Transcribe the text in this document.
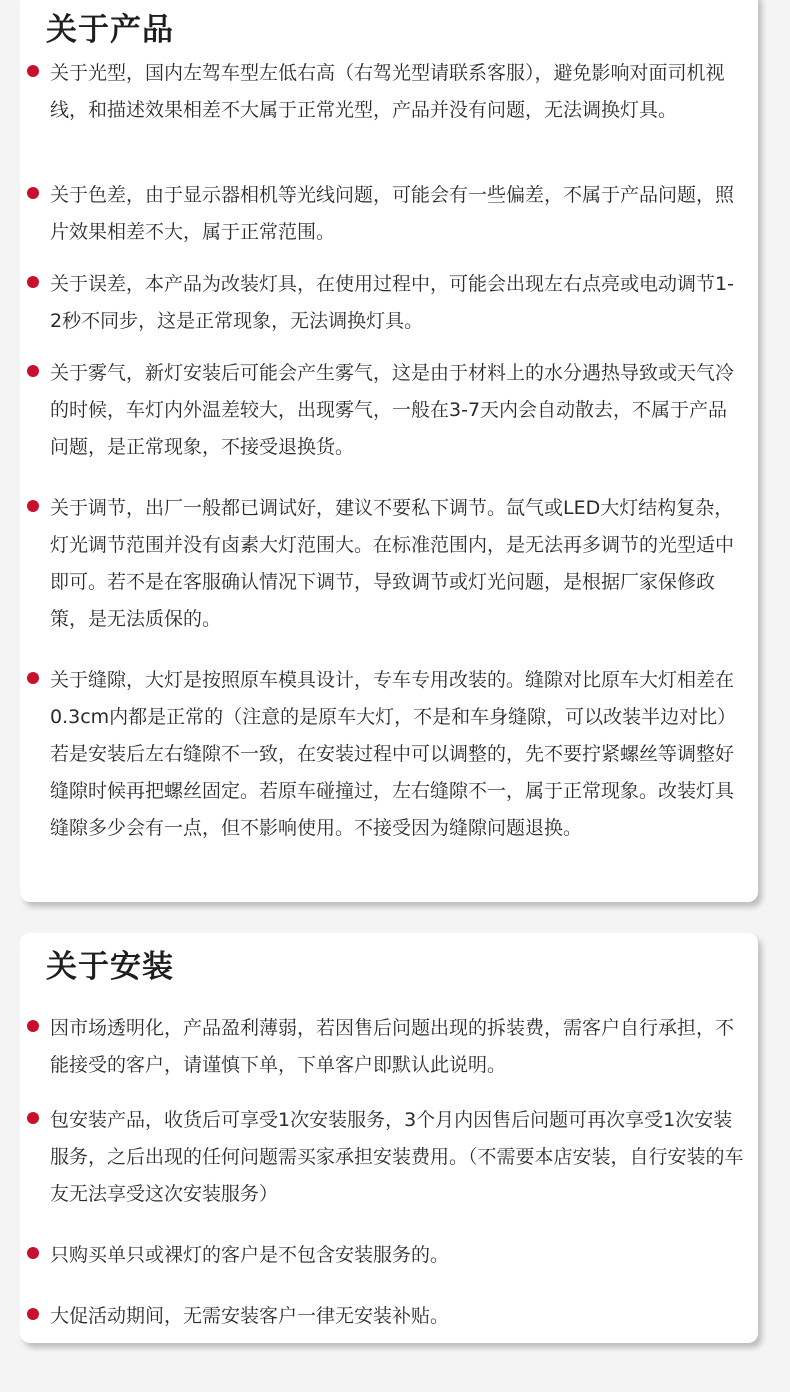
关于产品

关于光型，国内左驾车型左低右高（右驾光型请联系客服），避免影响对面司机视线，和描述效果相差不大属于正常光型，产品并没有问题，无法调换灯具。

关于色差，由于显示器相机等光线问题，可能会有一些偏差，不属于产品问题，照片效果相差不大，属于正常范围。

关于误差，本产品为改装灯具，在使用过程中，可能会出现左右点亮或电动调节1-2秒不同步，这是正常现象，无法调换灯具。

关于雾气，新灯安装后可能会产生雾气，这是由于材料上的水分遇热导致或天气冷的时候，车灯内外温差较大，出现雾气，一般在3-7天内会自动散去，不属于产品问题，是正常现象，不接受退换货。

关于调节，出厂一般都已调试好，建议不要私下调节。氙气或LED大灯结构复杂，灯光调节范围并没有卤素大灯范围大。在标准范围内，是无法再多调节的光型适中即可。若不是在客服确认情况下调节，导致调节或灯光问题，是根据厂家保修政策，是无法质保的。

关于缝隙，大灯是按照原车模具设计，专车专用改装的。缝隙对比原车大灯相差在0.3cm内都是正常的（注意的是原车大灯，不是和车身缝隙，可以改装半边对比）若是安装后左右缝隙不一致，在安装过程中可以调整的，先不要拧紧螺丝等调整好缝隙时候再把螺丝固定。若原车碰撞过，左右缝隙不一，属于正常现象。改装灯具缝隙多少会有一点，但不影响使用。不接受因为缝隙问题退换。

关于安装

因市场透明化，产品盈利薄弱，若因售后问题出现的拆装费，需客户自行承担，不能接受的客户，请谨慎下单，下单客户即默认此说明。

包安装产品，收货后可享受1次安装服务，3个月内因售后问题可再次享受1次安装服务，之后出现的任何问题需买家承担安装费用。（不需要本店安装，自行安装的车友无法享受这次安装服务）

只购买单只或裸灯的客户是不包含安装服务的。

大促活动期间，无需安装客户一律无安装补贴。
